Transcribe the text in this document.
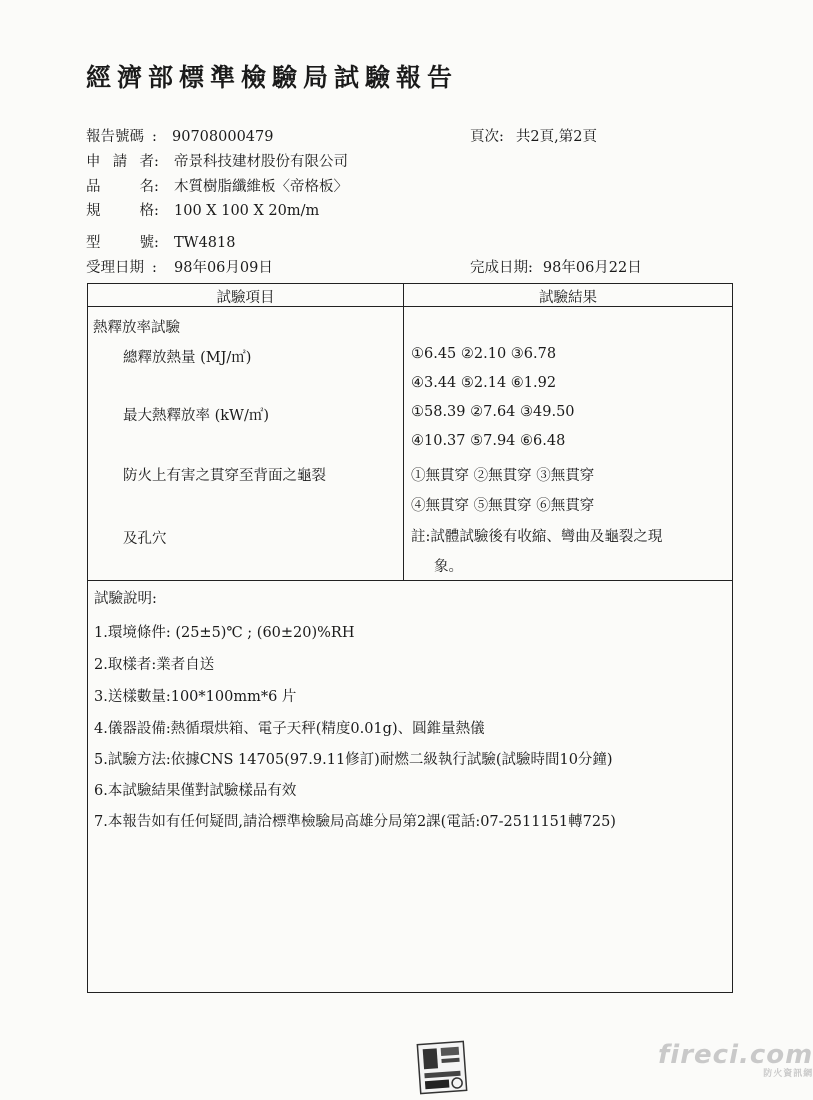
經濟部標準檢驗局試驗報告
報告號碼 : 90708000479
申請者: 帝景科技建材股份有限公司
品名: 木質樹脂纖維板〈帝格板〉
規格: 100 X 100 X 20m/m
型號: TW4818
受理日期 : 98年06月09日
頁次: 共2頁,第2頁
完成日期: 98年06月22日
試驗項目	試驗結果
熱釋放率試驗
總釋放熱量 (MJ/㎡)
最大熱釋放率 (kW/㎡)
防火上有害之貫穿至背面之龜裂
及孔穴
①6.45 ②2.10 ③6.78
④3.44 ⑤2.14 ⑥1.92
①58.39 ②7.64 ③49.50
④10.37 ⑤7.94 ⑥6.48
①無貫穿 ②無貫穿 ③無貫穿
④無貫穿 ⑤無貫穿 ⑥無貫穿
註:試體試驗後有收縮、彎曲及龜裂之現
象。
試驗說明:
1.環境條件: (25±5)℃ ; (60±20)%RH
2.取樣者:業者自送
3.送樣數量:100*100mm*6 片
4.儀器設備:熱循環烘箱、電子天秤(精度0.01g)、圓錐量熱儀
5.試驗方法:依據CNS 14705(97.9.11修訂)耐燃二級執行試驗(試驗時間10分鐘)
6.本試驗結果僅對試驗樣品有效
7.本報告如有任何疑問,請洽標準檢驗局高雄分局第2課(電話:07-2511151轉725)
fireci.com
防火資訊網
